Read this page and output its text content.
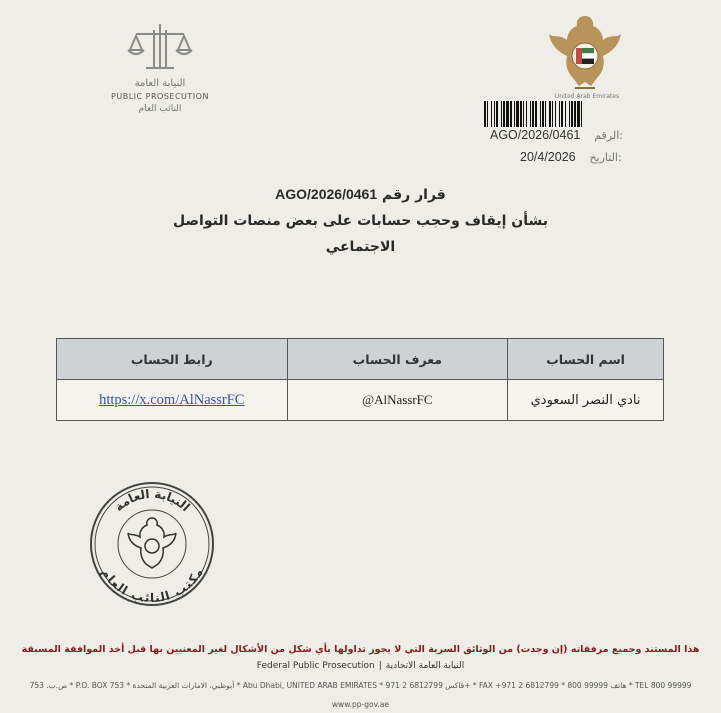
النيابة العامة
PUBLIC PROSECUTION
النائب العام
United Arab Emirates
AGO/2026/0461 الرقم:
20/4/2026 التاريخ:
قرار رقم AGO/2026/0461
بشأن إيقاف وحجب حسابات على بعض منصات التواصل
الاجتماعي
اسم الحساب	معرف الحساب	رابط الحساب
نادي النصر السعودي	@AlNassrFC	https://x.com/AlNassrFC
النيابة العامة
مكتب النائب العام
هذا المستند وجميع مرفقاته (إن وجدت) من الوثائق السرية التي لا يجوز تداولها بأي شكل من الأشكال لغير المعنيين بها قبل أخذ الموافقة المسبقة
Federal Public Prosecution | النيابة العامة الاتحادية
ص.ب. 753 * P.O. BOX 753 * أبوظبي، الامارات العربية المتحدة * Abu Dhabi, UNITED ARAB EMIRATES * فاكس 6812799 2 971+ * FAX +971 2 6812799 * هاتف 99999 800 * TEL 800 99999
www.pp-gov.ae
